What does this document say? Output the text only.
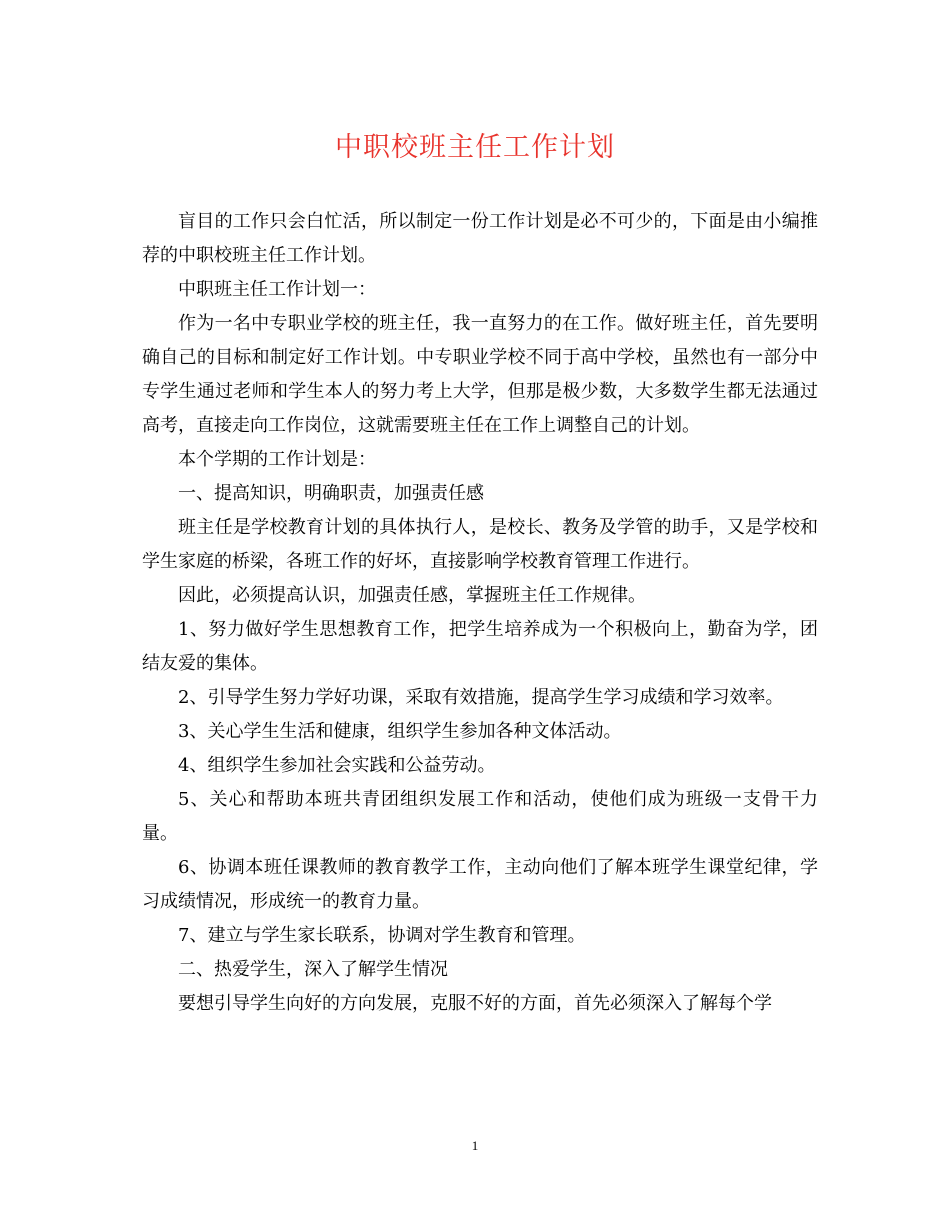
中职校班主任工作计划

盲目的工作只会白忙活，所以制定一份工作计划是必不可少的，下面是由小编推荐的中职校班主任工作计划。

中职班主任工作计划一：

作为一名中专职业学校的班主任，我一直努力的在工作。做好班主任，首先要明确自己的目标和制定好工作计划。中专职业学校不同于高中学校，虽然也有一部分中专学生通过老师和学生本人的努力考上大学，但那是极少数，大多数学生都无法通过高考，直接走向工作岗位，这就需要班主任在工作上调整自己的计划。

本个学期的工作计划是：

一、提高知识，明确职责，加强责任感

班主任是学校教育计划的具体执行人，是校长、教务及学管的助手，又是学校和学生家庭的桥梁，各班工作的好坏，直接影响学校教育管理工作进行。

因此，必须提高认识，加强责任感，掌握班主任工作规律。

1、努力做好学生思想教育工作，把学生培养成为一个积极向上，勤奋为学，团结友爱的集体。

2、引导学生努力学好功课，采取有效措施，提高学生学习成绩和学习效率。

3、关心学生生活和健康，组织学生参加各种文体活动。

4、组织学生参加社会实践和公益劳动。

5、关心和帮助本班共青团组织发展工作和活动，使他们成为班级一支骨干力量。

6、协调本班任课教师的教育教学工作，主动向他们了解本班学生课堂纪律，学习成绩情况，形成统一的教育力量。

7、建立与学生家长联系，协调对学生教育和管理。

二、热爱学生，深入了解学生情况

要想引导学生向好的方向发展，克服不好的方面，首先必须深入了解每个学

1
